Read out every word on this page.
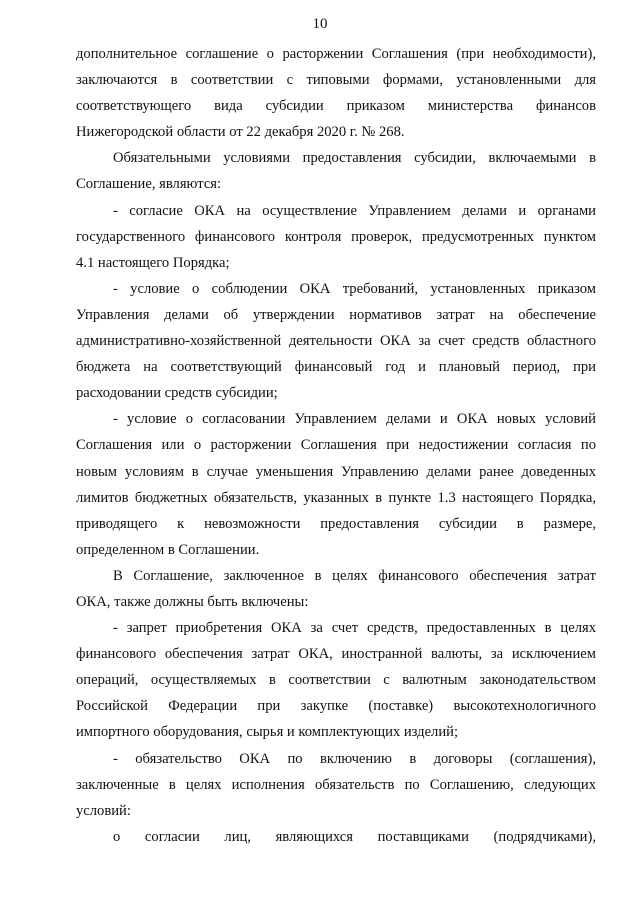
10

дополнительное соглашение о расторжении Соглашения (при необходимости),
заключаются в соответствии с типовыми формами, установленными для
соответствующего вида субсидии приказом министерства финансов
Нижегородской области от 22 декабря 2020 г. № 268.

Обязательными условиями предоставления субсидии, включаемыми в
Соглашение, являются:

- согласие ОКА на осуществление Управлением делами и органами
государственного финансового контроля проверок, предусмотренных пунктом
4.1 настоящего Порядка;

- условие о соблюдении ОКА требований, установленных приказом
Управления делами об утверждении нормативов затрат на обеспечение
административно-хозяйственной деятельности ОКА за счет средств областного
бюджета на соответствующий финансовый год и плановый период, при
расходовании средств субсидии;

- условие о согласовании Управлением делами и ОКА новых условий
Соглашения или о расторжении Соглашения при недостижении согласия по
новым условиям в случае уменьшения Управлению делами ранее доведенных
лимитов бюджетных обязательств, указанных в пункте 1.3 настоящего Порядка,
приводящего к невозможности предоставления субсидии в размере,
определенном в Соглашении.

В Соглашение, заключенное в целях финансового обеспечения затрат
ОКА, также должны быть включены:

- запрет приобретения ОКА за счет средств, предоставленных в целях
финансового обеспечения затрат ОКА, иностранной валюты, за исключением
операций, осуществляемых в соответствии с валютным законодательством
Российской Федерации при закупке (поставке) высокотехнологичного
импортного оборудования, сырья и комплектующих изделий;

- обязательство ОКА по включению в договоры (соглашения),
заключенные в целях исполнения обязательств по Соглашению, следующих
условий:

о согласии лиц, являющихся поставщиками (подрядчиками),
